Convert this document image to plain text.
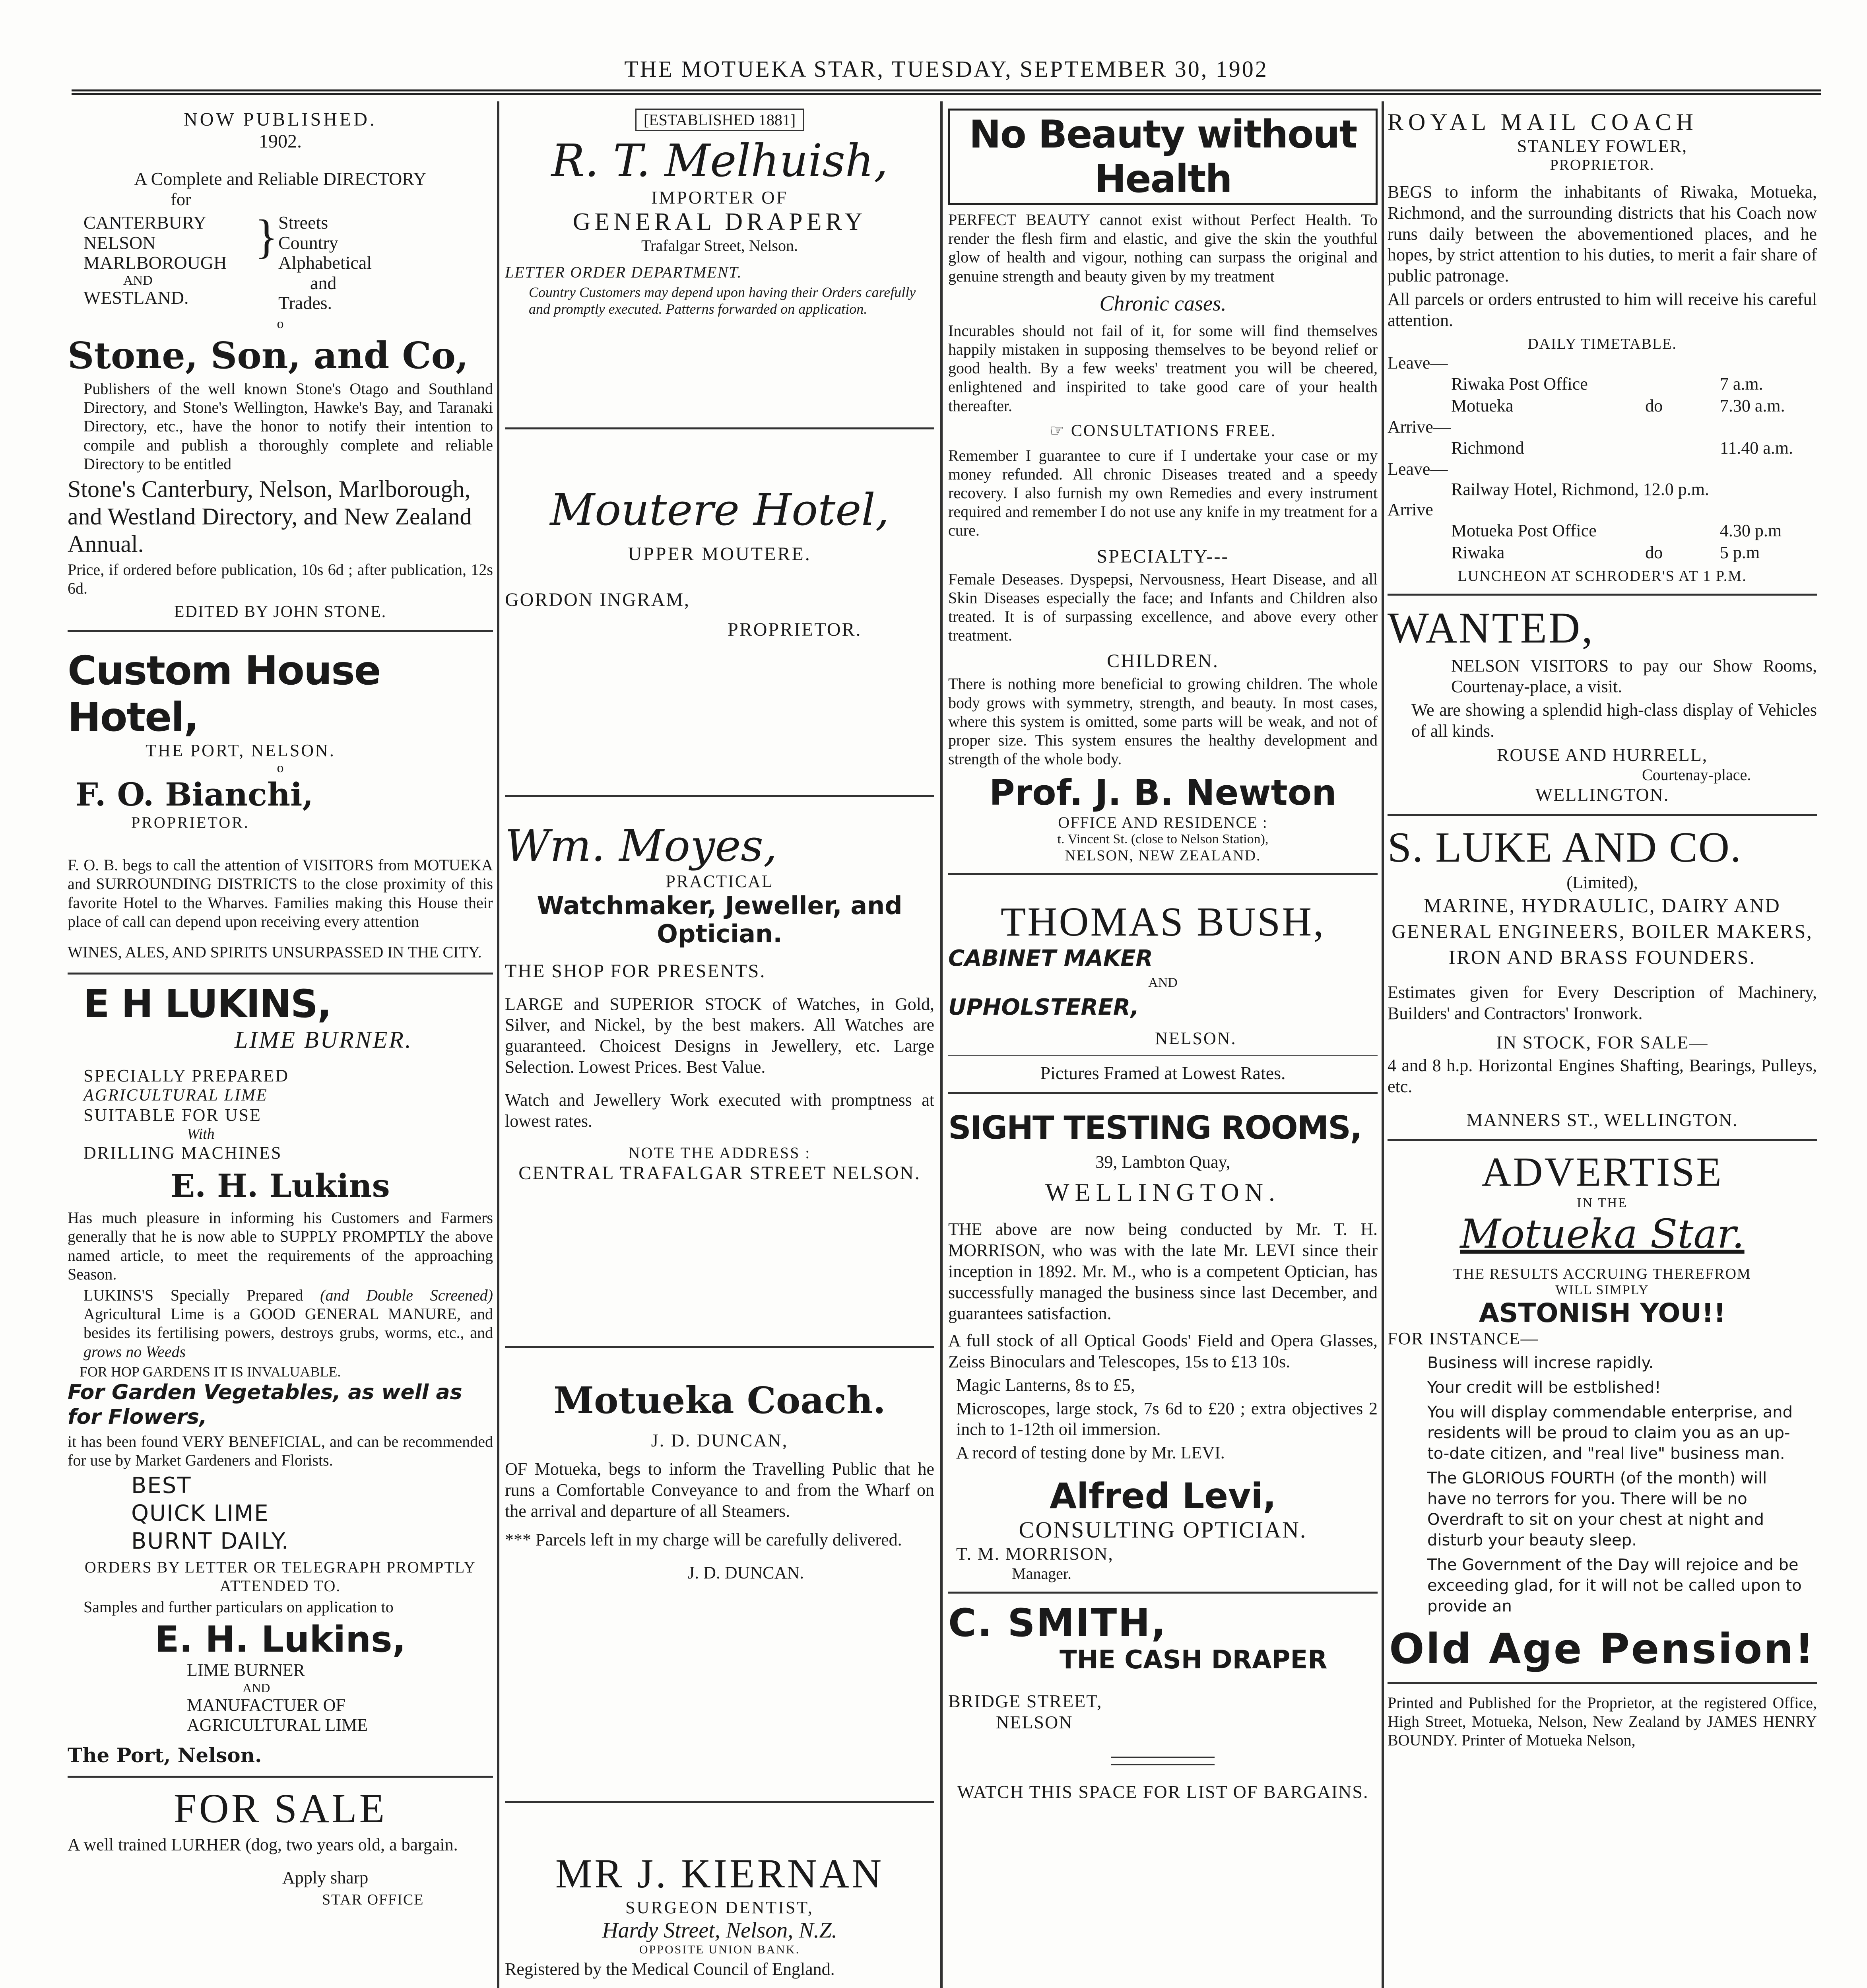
THE MOTUEKA STAR, TUESDAY, SEPTEMBER 30, 1902
NOW PUBLISHED.
1902.
A Complete and Reliable DIRECTORY
for
CANTERBURY
NELSON
MARLBOROUGH
AND
WESTLAND.
} Streets
Country
Alphabetical
and
Trades.
o
Stone, Son, and Co,
Publishers of the well known Stone's Otago and Southland Directory, and Stone's Wellington, Hawke's Bay, and Taranaki Directory, etc., have the honor to notify their intention to compile and publish a thoroughly complete and reliable Directory to be entitled
Stone's Canterbury, Nelson, Marlborough, and Westland Directory, and New Zealand Annual.
Price, if ordered before publication, 10s 6d ; after publication, 12s 6d.
EDITED BY JOHN STONE.
Custom House Hotel,
THE PORT, NELSON.
o
F. O. Bianchi,
PROPRIETOR.
F. O. B. begs to call the attention of VISITORS from MOTUEKA and SURROUNDING DISTRICTS to the close proximity of this favorite Hotel to the Wharves. Families making this House their place of call can depend upon receiving every attention
WINES, ALES, AND SPIRITS UNSURPASSED IN THE CITY.
E H LUKINS,
LIME BURNER.
SPECIALLY PREPARED
AGRICULTURAL LIME
SUITABLE FOR USE
With
DRILLING MACHINES
E. H. Lukins
Has much pleasure in informing his Customers and Farmers generally that he is now able to SUPPLY PROMPTLY the above named article, to meet the requirements of the approaching Season.
LUKINS'S Specially Prepared (and Double Screened) Agricultural Lime is a GOOD GENERAL MANURE, and besides its fertilising powers, destroys grubs, worms, etc., and grows no Weeds
FOR HOP GARDENS IT IS INVALUABLE.
For Garden Vegetables, as well as for Flowers,
it has been found VERY BENEFICIAL, and can be recommended for use by Market Gardeners and Florists.
BEST
QUICK LIME
BURNT DAILY.
ORDERS BY LETTER OR TELEGRAPH PROMPTLY ATTENDED TO.
Samples and further particulars on application to
E. H. Lukins,
LIME BURNER
AND
MANUFACTUER OF
AGRICULTURAL LIME
The Port, Nelson.
FOR SALE
A well trained LURHER (dog, two years old, a bargain.
Apply sharp
STAR OFFICE
[ESTABLISHED 1881]
R. T. Melhuish,
IMPORTER OF
GENERAL DRAPERY
Trafalgar Street, Nelson.
LETTER ORDER DEPARTMENT.
Country Customers may depend upon having their Orders carefully and promptly executed. Patterns forwarded on application.
Moutere Hotel,
UPPER MOUTERE.
GORDON INGRAM,
PROPRIETOR.
Wm. Moyes,
PRACTICAL
Watchmaker, Jeweller, and Optician.
THE SHOP FOR PRESENTS.
LARGE and SUPERIOR STOCK of Watches, in Gold, Silver, and Nickel, by the best makers. All Watches are guaranteed. Choicest Designs in Jewellery, etc. Large Selection. Lowest Prices. Best Value.
Watch and Jewellery Work executed with promptness at lowest rates.
NOTE THE ADDRESS :
CENTRAL TRAFALGAR STREET NELSON.
Motueka Coach.
J. D. DUNCAN,
OF Motueka, begs to inform the Travelling Public that he runs a Comfortable Conveyance to and from the Wharf on the arrival and departure of all Steamers.
*** Parcels left in my charge will be carefully delivered.
J. D. DUNCAN.
MR J. KIERNAN
SURGEON DENTIST,
Hardy Street, Nelson, N.Z.
OPPOSITE UNION BANK.
Registered by the Medical Council of England.
No Beauty without Health
PERFECT BEAUTY cannot exist without Perfect Health. To render the flesh firm and elastic, and give the skin the youthful glow of health and vigour, nothing can surpass the original and genuine strength and beauty given by my treatment
Chronic cases.
Incurables should not fail of it, for some will find themselves happily mistaken in supposing themselves to be beyond relief or good health. By a few weeks' treatment you will be cheered, enlightened and inspirited to take good care of your health thereafter.
☞ CONSULTATIONS FREE.
Remember I guarantee to cure if I undertake your case or my money refunded. All chronic Diseases treated and a speedy recovery. I also furnish my own Remedies and every instrument required and remember I do not use any knife in my treatment for a cure.
SPECIALTY---
Female Deseases. Dyspepsi, Nervousness, Heart Disease, and all Skin Diseases especially the face; and Infants and Children also treated. It is of surpassing excellence, and above every other treatment.
CHILDREN.
There is nothing more beneficial to growing children. The whole body grows with symmetry, strength, and beauty. In most cases, where this system is omitted, some parts will be weak, and not of proper size. This system ensures the healthy development and strength of the whole body.
Prof. J. B. Newton
OFFICE AND RESIDENCE :
t. Vincent St. (close to Nelson Station),
NELSON, NEW ZEALAND.
THOMAS BUSH,
CABINET MAKER
AND
UPHOLSTERER,
NELSON.
Pictures Framed at Lowest Rates.
SIGHT TESTING ROOMS,
39, Lambton Quay,
WELLINGTON.
THE above are now being conducted by Mr. T. H. MORRISON, who was with the late Mr. LEVI since their inception in 1892. Mr. M., who is a competent Optician, has successfully managed the business since last December, and guarantees satisfaction.
A full stock of all Optical Goods' Field and Opera Glasses, Zeiss Binoculars and Telescopes, 15s to £13 10s.
Magic Lanterns, 8s to £5,
Microscopes, large stock, 7s 6d to £20 ; extra objectives 2 inch to 1-12th oil immersion.
A record of testing done by Mr. LEVI.
Alfred Levi,
CONSULTING OPTICIAN.
T. M. MORRISON,
Manager.
C. SMITH,
THE CASH DRAPER
BRIDGE STREET,
NELSON
WATCH THIS SPACE FOR LIST OF BARGAINS.
ROYAL MAIL COACH
STANLEY FOWLER,
PROPRIETOR.
BEGS to inform the inhabitants of Riwaka, Motueka, Richmond, and the surrounding districts that his Coach now runs daily between the abovementioned places, and he hopes, by strict attention to his duties, to merit a fair share of public patronage.
All parcels or orders entrusted to him will receive his careful attention.
DAILY TIMETABLE.
Leave—
Riwaka Post Office	7 a.m.
Motueka	do	7.30 a.m.
Arrive—
Richmond	11.40 a.m.
Leave—
Railway Hotel, Richmond, 12.0 p.m.
Arrive
Motueka Post Office	4.30 p.m
Riwaka	do	5 p.m
LUNCHEON AT SCHRODER'S AT 1 P.M.
WANTED,
NELSON VISITORS to pay our Show Rooms, Courtenay-place, a visit.
We are showing a splendid high-class display of Vehicles of all kinds.
ROUSE AND HURRELL,
Courtenay-place.
WELLINGTON.
S. LUKE AND CO.
(Limited),
MARINE, HYDRAULIC, DAIRY AND GENERAL ENGINEERS, BOILER MAKERS, IRON AND BRASS FOUNDERS.
Estimates given for Every Description of Machinery, Builders' and Contractors' Ironwork.
IN STOCK, FOR SALE—
4 and 8 h.p. Horizontal Engines Shafting, Bearings, Pulleys, etc.
MANNERS ST., WELLINGTON.
ADVERTISE
IN THE
Motueka Star.
THE RESULTS ACCRUING THEREFROM
WILL SIMPLY
ASTONISH YOU!!
FOR INSTANCE—
Business will increse rapidly.
Your credit will be estblished!
You will display commendable enterprise, and residents will be proud to claim you as an up-to-date citizen, and "real live" business man.
The GLORIOUS FOURTH (of the month) will have no terrors for you. There will be no Overdraft to sit on your chest at night and disturb your beauty sleep.
The Government of the Day will rejoice and be exceeding glad, for it will not be called upon to provide an
Old Age Pension!
Printed and Published for the Proprietor, at the registered Office, High Street, Motueka, Nelson, New Zealand by JAMES HENRY BOUNDY. Printer of Motueka Nelson,
